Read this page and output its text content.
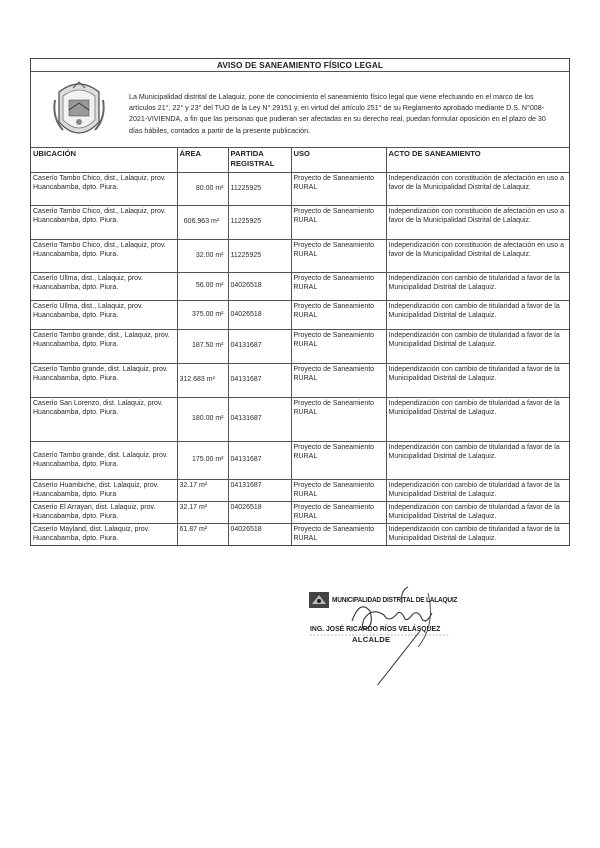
AVISO DE SANEAMIENTO FÍSICO LEGAL
La Municipalidad distrital de Lalaquiz, pone de conocimiento el saneamiento físico legal que viene efectuando en el marco de los artículos 21°, 22° y 23° del TUO de la Ley N° 29151 y, en virtud del artículo 251° de su Reglamento aprobado mediante D.S. N°008-2021-VIVIENDA, a fin que las personas que pudieran ser afectadas en su derecho real, puedan formular oposición en el plazo de 30 días hábiles, contados a partir de la presente publicación.
UBICACIÓN	ÁREA	PARTIDA REGISTRAL	USO	ACTO DE SANEAMIENTO
Caserío Tambo Chico, dist., Lalaquiz, prov. Huancabamba, dpto. Piura.	80.00 m²	11225925	Proyecto de Saneamiento RURAL	Independización con constitución de afectación en uso a favor de la Municipalidad Distrital de Lalaquiz.
Caserío Tambo Chico, dist., Lalaquiz, prov. Huancabamba, dpto. Piura.	606.963 m²	11225925	Proyecto de Saneamiento RURAL	Independización con constitución de afectación en uso a favor de la Municipalidad Distrital de Lalaquiz.
Caserío Tambo Chico, dist., Lalaquiz, prov. Huancabamba, dpto. Piura.	32.00 m²	11225925	Proyecto de Saneamiento RURAL	Independización con constitución de afectación en uso a favor de la Municipalidad Distrital de Lalaquiz.
Caserío Ullma, dist., Lalaquiz, prov. Huancabamba, dpto. Piura.	56.00 m²	04026518	Proyecto de Saneamiento RURAL	Independización con cambio de titularidad a favor de la Municipalidad Distrital de Lalaquiz.
Caserío Ullma, dist., Lalaquiz, prov. Huancabamba, dpto. Piura.	375.00 m²	04026518	Proyecto de Saneamiento RURAL	Independización con cambio de titularidad a favor de la Municipalidad Distrital de Lalaquiz.
Caserío Tambo grande, dist., Lalaquiz, prov. Huancabamba, dpto. Piura.	187.50 m²	04131687	Proyecto de Saneamiento RURAL	Independización con cambio de titularidad a favor de la Municipalidad Distrital de Lalaquiz.
Caserío Tambo grande, dist. Lalaquiz, prov. Huancabamba, dpto. Piura.	312.683 m²	04131687	Proyecto de Saneamiento RURAL	Independización con cambio de titularidad a favor de la Municipalidad Distrital de Lalaquiz.
Caserío San Lorenzo, dist. Lalaquiz, prov. Huancabamba, dpto. Piura.	180.00 m²	04131687	Proyecto de Saneamiento RURAL	Independización con cambio de titularidad a favor de la Municipalidad Distrital de Lalaquiz.
Caserío Tambo grande, dist. Lalaquiz, prov. Huancabamba, dpto. Piura.	175.00 m²	04131687	Proyecto de Saneamiento RURAL	Independización con cambio de titularidad a favor de la Municipalidad Distrital de Lalaquiz.
Caserío Huambiche, dist. Lalaquiz, prov. Huancabamba, dpto. Piura	32.17 m²	04131687	Proyecto de Saneamiento RURAL	Independización con cambio de titularidad a favor de la Municipalidad Distrital de Lalaquiz.
Caserío El Arrayan, dist. Lalaquiz, prov. Huancabamba, dpto. Piura.	32.17 m²	04026518	Proyecto de Saneamiento RURAL	Independización con cambio de titularidad a favor de la Municipalidad Distrital de Lalaquiz.
Caserío Mayland, dist. Lalaquiz, prov. Huancabamba, dpto. Piura.	61.87 m²	04026518	Proyecto de Saneamiento RURAL	Independización con cambio de titularidad a favor de la Municipalidad Distrital de Lalaquiz.
MUNICIPALIDAD DISTRITAL DE LALAQUIZ
ING. JOSÉ RICARDO RÍOS VELÁSQUEZ
ALCALDE
